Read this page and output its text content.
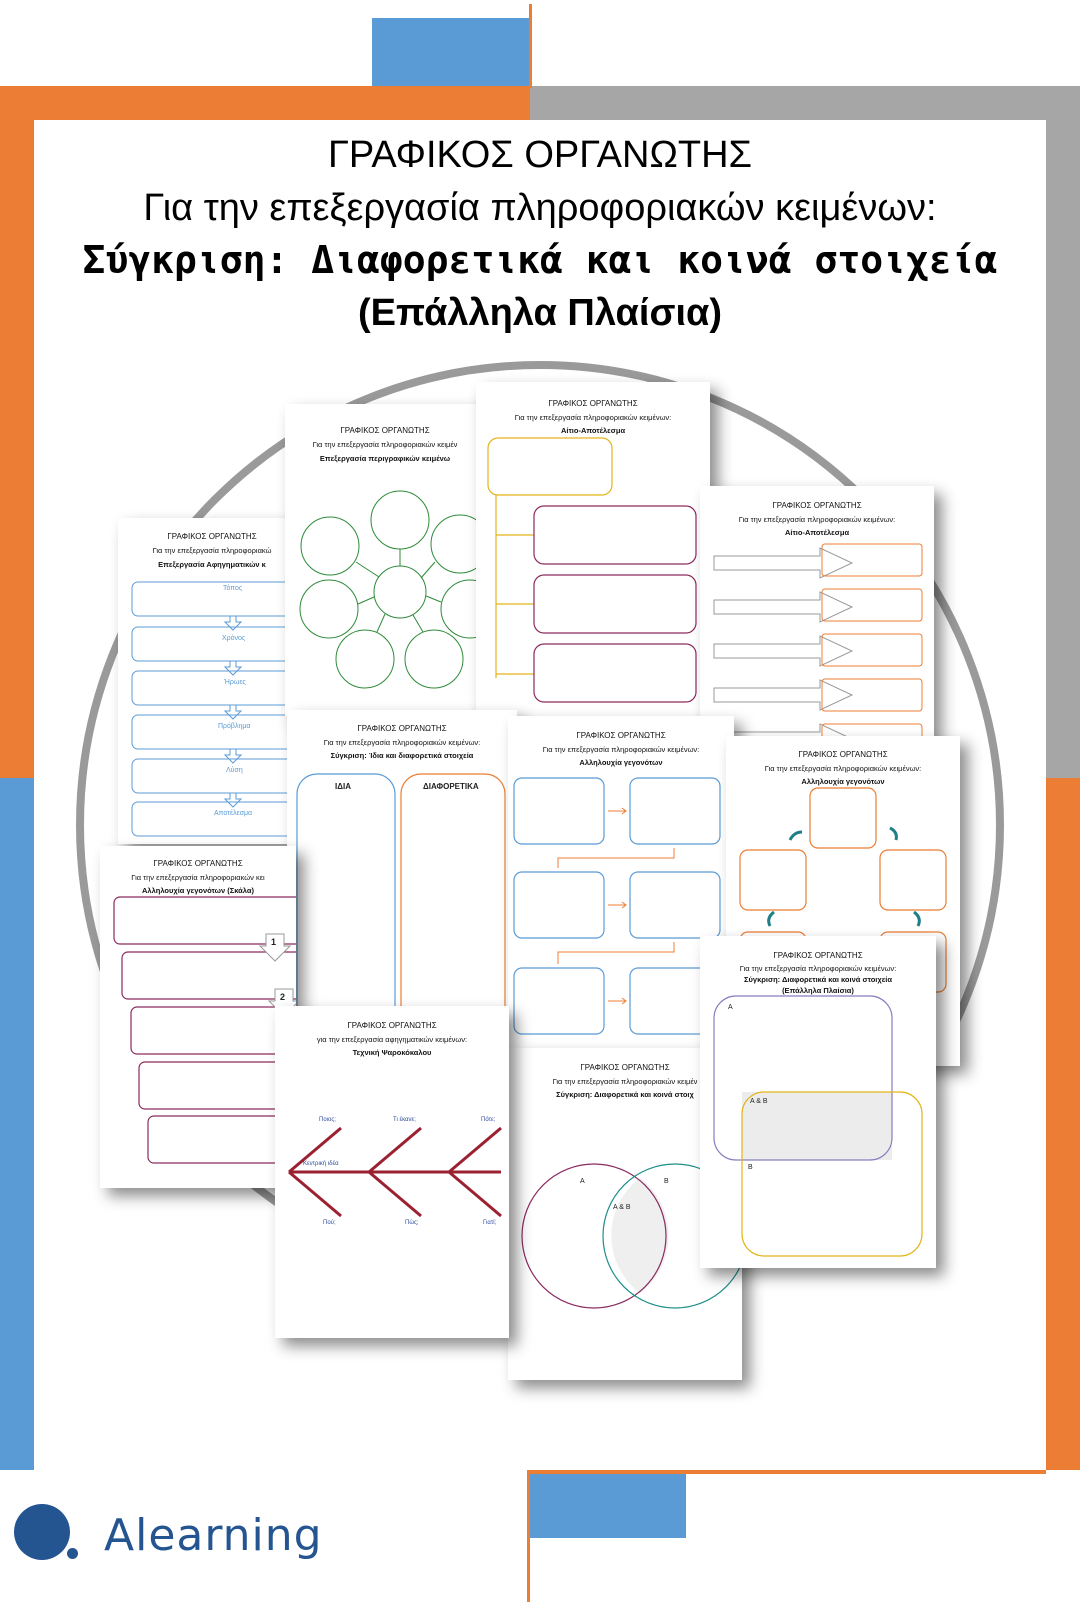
ΓΡΑΦΙΚΟΣ ΟΡΓΑΝΩΤΗΣ
Για την επεξεργασία πληροφοριακών κειμένων:
Σύγκριση: Διαφορετικά και κοινά στοιχεία
(Επάλληλα Πλαίσια)
ΓΡΑΦΙΚΟΣ ΟΡΓΑΝΩΤΗΣ
Για την επεξεργασία πληροφοριακώ
Επεξεργασία Αφηγηματικών κ
Τόπος
Χρόνος
Ήρωες
Πρόβλημα
Λύση
Αποτέλεσμα
ΓΡΑΦΙΚΟΣ ΟΡΓΑΝΩΤΗΣ
Για την επεξεργασία πληροφοριακών κειμέν
Επεξεργασία περιγραφικών κειμένω
ΓΡΑΦΙΚΟΣ ΟΡΓΑΝΩΤΗΣ
Για την επεξεργασία πληροφοριακών κειμένων:
Αίτιο-Αποτέλεσμα
ΓΡΑΦΙΚΟΣ ΟΡΓΑΝΩΤΗΣ
Για την επεξεργασία πληροφοριακών κειμένων:
Αίτιο-Αποτέλεσμα
ΓΡΑΦΙΚΟΣ ΟΡΓΑΝΩΤΗΣ
Για την επεξεργασία πληροφοριακών κειμένων:
Σύγκριση: Ίδια και διαφορετικά στοιχεία
ΙΔΙΑ	ΔΙΑΦΟΡΕΤΙΚΑ
ΓΡΑΦΙΚΟΣ ΟΡΓΑΝΩΤΗΣ
Για την επεξεργασία πληροφοριακών κειμένων:
Αλληλουχία γεγονότων
ΓΡΑΦΙΚΟΣ ΟΡΓΑΝΩΤΗΣ
Για την επεξεργασία πληροφοριακών κειμένων:
Αλληλουχία γεγονότων
ΓΡΑΦΙΚΟΣ ΟΡΓΑΝΩΤΗΣ
Για την επεξεργασία πληροφοριακών κει
Αλληλουχία γεγονότων (Σκάλα)
1
2
ΓΡΑΦΙΚΟΣ ΟΡΓΑΝΩΤΗΣ
Για την επεξεργασία πληροφοριακών κειμέν
Σύγκριση: Διαφορετικά και κοινά στοιχ
Α	Β
Α & Β
ΓΡΑΦΙΚΟΣ ΟΡΓΑΝΩΤΗΣ
για την επεξεργασία αφηγηματικών κειμένων:
Τεχνική Ψαροκόκαλου
Ποιος;	Τι έκανε;	Πότε;
Κεντρική ιδέα
Πού;	Πώς;	Γιατί;
ΓΡΑΦΙΚΟΣ ΟΡΓΑΝΩΤΗΣ
Για την επεξεργασία πληροφοριακών κειμένων:
Σύγκριση: Διαφορετικά και κοινά στοιχεία
(Επάλληλα Πλαίσια)
Α
Α & Β
Β
Alearning
